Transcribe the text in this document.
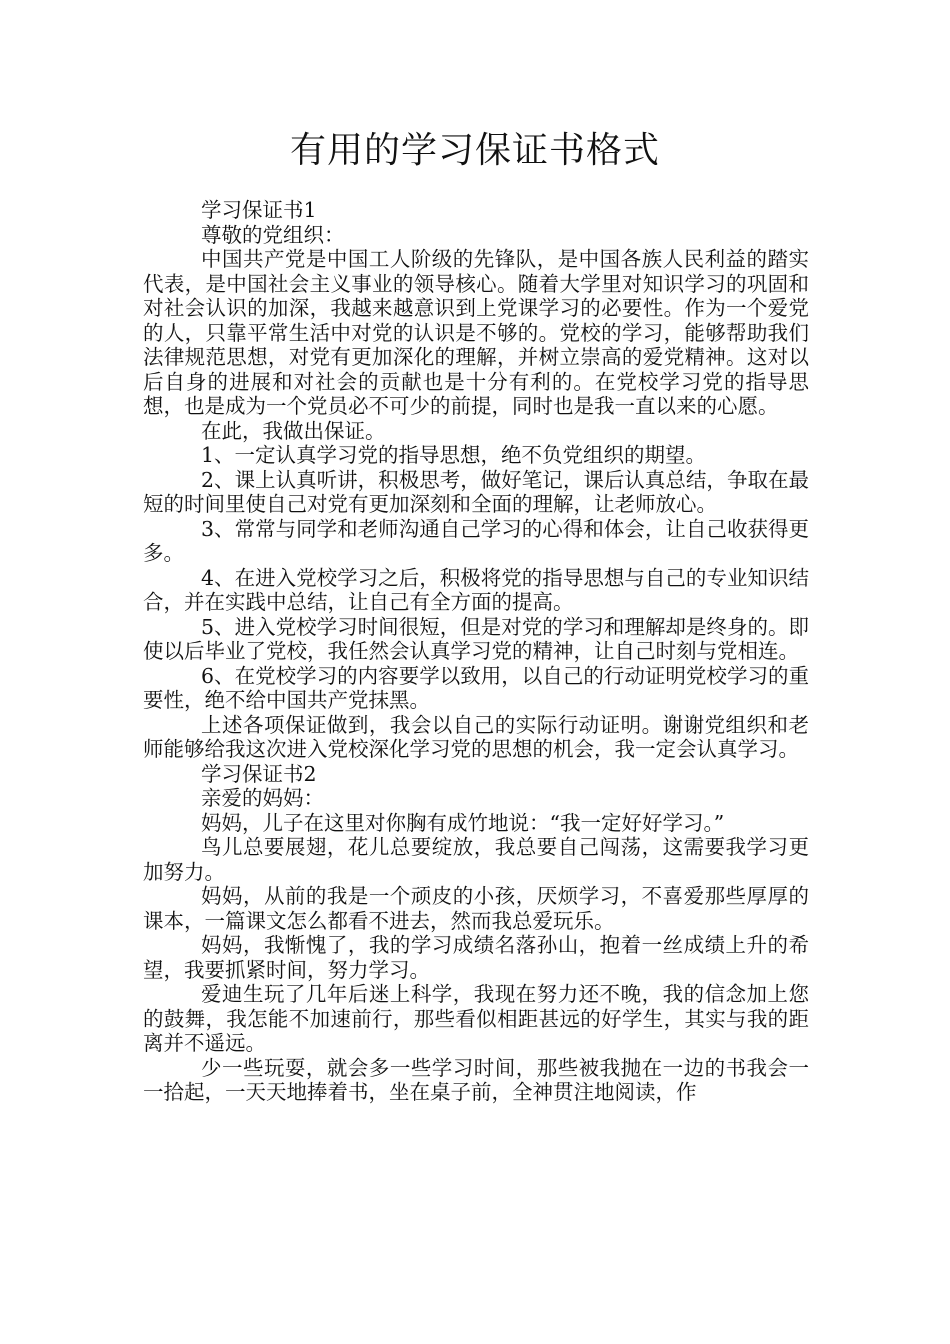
有用的学习保证书格式

学习保证书1

尊敬的党组织：

中国共产党是中国工人阶级的先锋队，是中国各族人民利益的踏实代表，是中国社会主义事业的领导核心。随着大学里对知识学习的巩固和对社会认识的加深，我越来越意识到上党课学习的必要性。作为一个爱党的人，只靠平常生活中对党的认识是不够的。党校的学习，能够帮助我们法律规范思想，对党有更加深化的理解，并树立崇高的爱党精神。这对以后自身的进展和对社会的贡献也是十分有利的。在党校学习党的指导思想，也是成为一个党员必不可少的前提，同时也是我一直以来的心愿。

在此，我做出保证。

1、一定认真学习党的指导思想，绝不负党组织的期望。

2、课上认真听讲，积极思考，做好笔记，课后认真总结，争取在最短的时间里使自己对党有更加深刻和全面的理解，让老师放心。

3、常常与同学和老师沟通自己学习的心得和体会，让自己收获得更多。

4、在进入党校学习之后，积极将党的指导思想与自己的专业知识结合，并在实践中总结，让自己有全方面的提高。

5、进入党校学习时间很短，但是对党的学习和理解却是终身的。即使以后毕业了党校，我任然会认真学习党的精神，让自己时刻与党相连。

6、在党校学习的内容要学以致用，以自己的行动证明党校学习的重要性，绝不给中国共产党抹黑。

上述各项保证做到，我会以自己的实际行动证明。谢谢党组织和老师能够给我这次进入党校深化学习党的思想的机会，我一定会认真学习。

学习保证书2

亲爱的妈妈：

妈妈，儿子在这里对你胸有成竹地说：“我一定好好学习。”

鸟儿总要展翅，花儿总要绽放，我总要自己闯荡，这需要我学习更加努力。

妈妈，从前的我是一个顽皮的小孩，厌烦学习，不喜爱那些厚厚的课本，一篇课文怎么都看不进去，然而我总爱玩乐。

妈妈，我惭愧了，我的学习成绩名落孙山，抱着一丝成绩上升的希望，我要抓紧时间，努力学习。

爱迪生玩了几年后迷上科学，我现在努力还不晚，我的信念加上您的鼓舞，我怎能不加速前行，那些看似相距甚远的好学生，其实与我的距离并不遥远。

少一些玩耍，就会多一些学习时间，那些被我抛在一边的书我会一一拾起，一天天地捧着书，坐在桌子前，全神贯注地阅读，作
